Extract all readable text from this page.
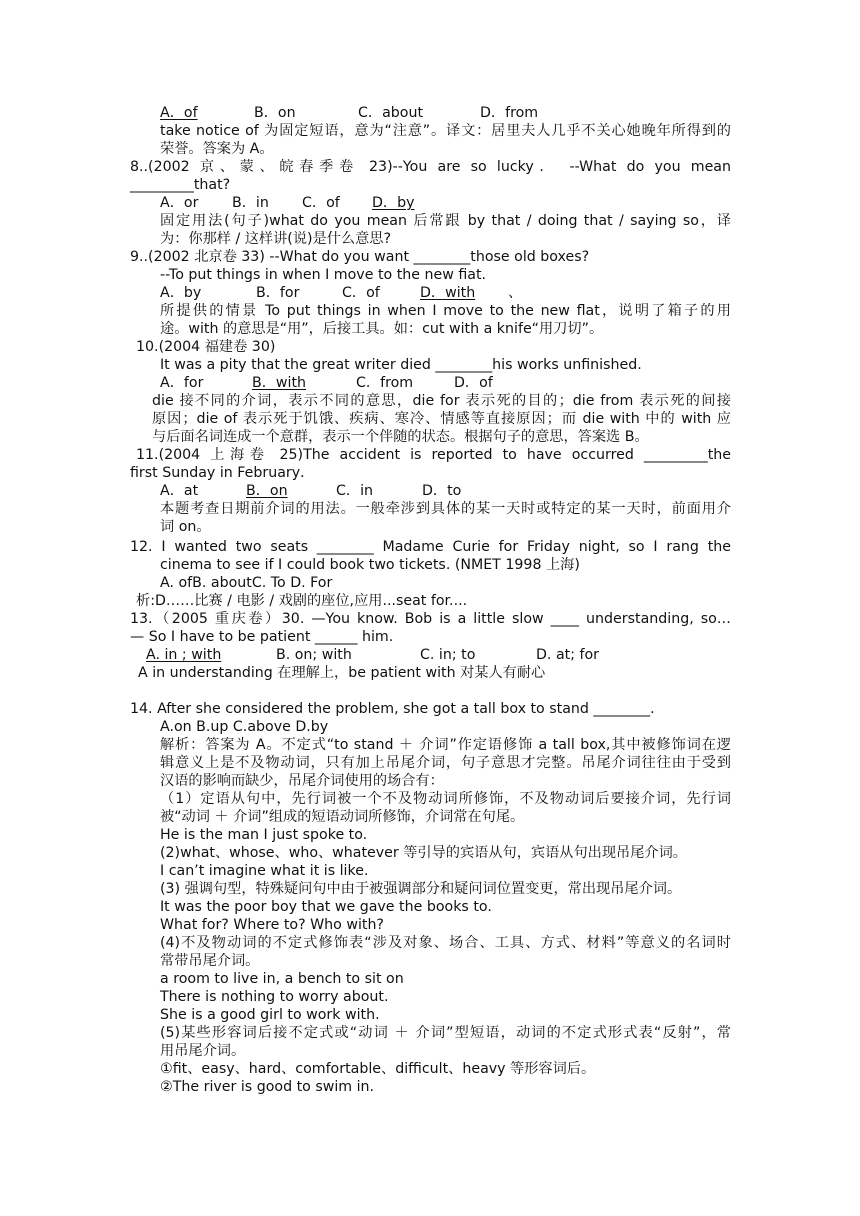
A．of	B．on	C．about	D．from
take notice of 为固定短语，意为“注意”。译文：居里夫人几乎不关心她晚年所得到的
荣誉。答案为 A。
8..(2002 京、蒙、皖春季卷 23)--You are so lucky． --What do you mean
_________that?
A．or B．in C．of D．by
固定用法(句子)what do you mean 后常跟 by that / doing that / saying so，译
为：你那样 / 这样讲(说)是什么意思?
9..(2002 北京卷 33) --What do you want ________those old boxes?
--To put things in when I move to the new fiat.
A．by	B．for	C．of	D．with 、
所提供的情景 To put things in when I move to the new flat，说明了箱子的用
途。with 的意思是“用”，后接工具。如：cut with a knife“用刀切”。
10.(2004 福建卷 30)
It was a pity that the great writer died ________his works unfinished.
A．for	B．with	C．from	D．of
die 接不同的介词，表示不同的意思，die for 表示死的目的；die from 表示死的间接
原因；die of 表示死于饥饿、疾病、寒冷、情感等直接原因；而 die with 中的 with 应
与后面名词连成一个意群，表示一个伴随的状态。根据句子的意思，答案选 B。
11.(2004 上海卷 25)The accident is reported to have occurred _________the
first Sunday in February．
A．at	B．on	C．in	D．to
本题考查日期前介词的用法。一般牵涉到具体的某一天时或特定的某一天时，前面用介
词 on。
12. I wanted two seats ________ Madame Curie for Friday night, so I rang the
cinema to see if I could book two tickets. (NMET 1998 上海)
A. ofB. aboutC. To D. For
析:D……比赛 / 电影 / 戏剧的座位,应用...seat for....
13.（2005 重庆卷）30. —You know. Bob is a little slow ____ understanding, so…
— So I have to be patient ______ him.
A. in ; with	B. on; with	C. in; to	D. at; for
A in understanding 在理解上，be patient with 对某人有耐心
14. After she considered the problem, she got a tall box to stand ________.
A.on B.up C.above D.by
解析：答案为 A。不定式“to stand ＋ 介词”作定语修饰 a tall box,其中被修饰词在逻
辑意义上是不及物动词，只有加上吊尾介词，句子意思才完整。吊尾介词往往由于受到
汉语的影响而缺少，吊尾介词使用的场合有：
（1）定语从句中，先行词被一个不及物动词所修饰，不及物动词后要接介词，先行词
被“动词 ＋ 介词”组成的短语动词所修饰，介词常在句尾。
He is the man I just spoke to.
(2)what、whose、who、whatever 等引导的宾语从句，宾语从句出现吊尾介词。
I can’t imagine what it is like.
(3) 强调句型，特殊疑问句中由于被强调部分和疑问词位置变更，常出现吊尾介词。
It was the poor boy that we gave the books to.
What for? Where to? Who with?
(4)不及物动词的不定式修饰表“涉及对象、场合、工具、方式、材料”等意义的名词时
常带吊尾介词。
a room to live in, a bench to sit on
There is nothing to worry about.
She is a good girl to work with.
(5)某些形容词后接不定式或“动词 ＋ 介词”型短语，动词的不定式形式表“反射”，常
用吊尾介词。
①fit、easy、hard、comfortable、difficult、heavy 等形容词后。
②The river is good to swim in.
